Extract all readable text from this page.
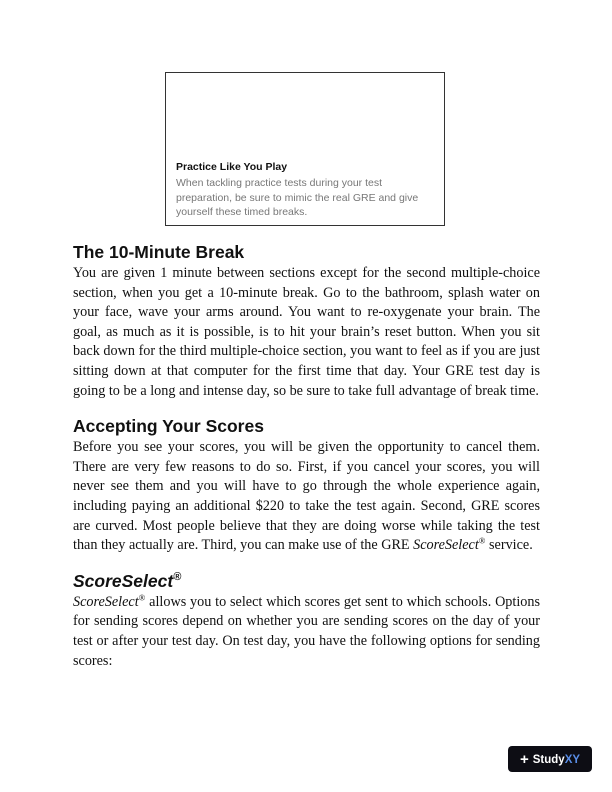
Practice Like You Play
When tackling practice tests during your test preparation, be sure to mimic the real GRE and give yourself these timed breaks.
The 10-Minute Break

You are given 1 minute between sections except for the second multiple-choice section, when you get a 10-minute break. Go to the bathroom, splash water on your face, wave your arms around. You want to re-oxygenate your brain. The goal, as much as it is possible, is to hit your brain’s reset button. When you sit back down for the third multiple-choice section, you want to feel as if you are just sitting down at that computer for the first time that day. Your GRE test day is going to be a long and intense day, so be sure to take full advantage of break time.

Accepting Your Scores

Before you see your scores, you will be given the opportunity to cancel them. There are very few reasons to do so. First, if you cancel your scores, you will never see them and you will have to go through the whole experience again, including paying an additional $220 to take the test again. Second, GRE scores are curved. Most people believe that they are doing worse while taking the test than they actually are. Third, you can make use of the GRE ScoreSelect® service.

ScoreSelect®

ScoreSelect® allows you to select which scores get sent to which schools. Options for sending scores depend on whether you are sending scores on the day of your test or after your test day. On test day, you have the following options for sending scores:

+ StudyXY
